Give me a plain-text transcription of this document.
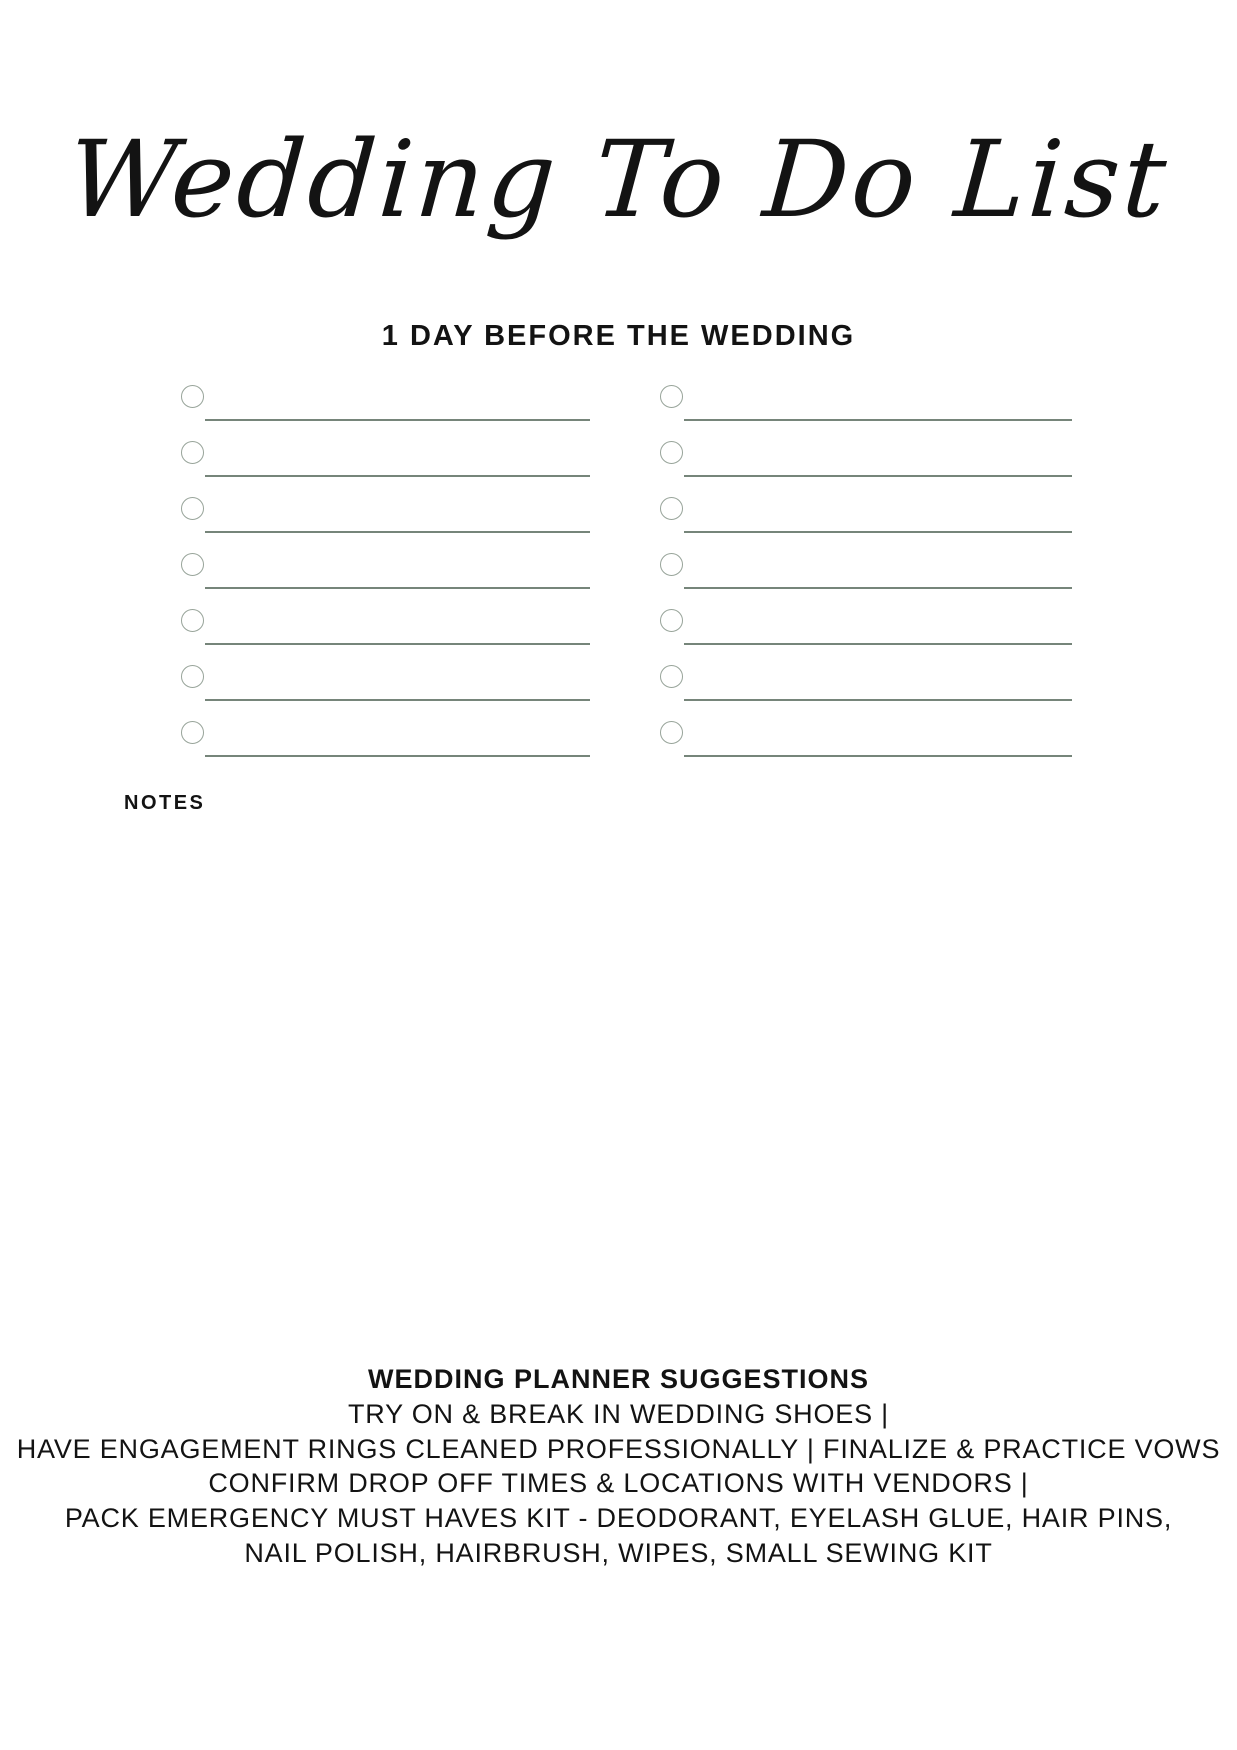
Wedding To Do List
1 DAY BEFORE THE WEDDING
NOTES
WEDDING PLANNER SUGGESTIONS
TRY ON & BREAK IN WEDDING SHOES |
HAVE ENGAGEMENT RINGS CLEANED PROFESSIONALLY | FINALIZE & PRACTICE VOWS
CONFIRM DROP OFF TIMES & LOCATIONS WITH VENDORS |
PACK EMERGENCY MUST HAVES KIT - DEODORANT, EYELASH GLUE, HAIR PINS,
NAIL POLISH, HAIRBRUSH, WIPES, SMALL SEWING KIT
